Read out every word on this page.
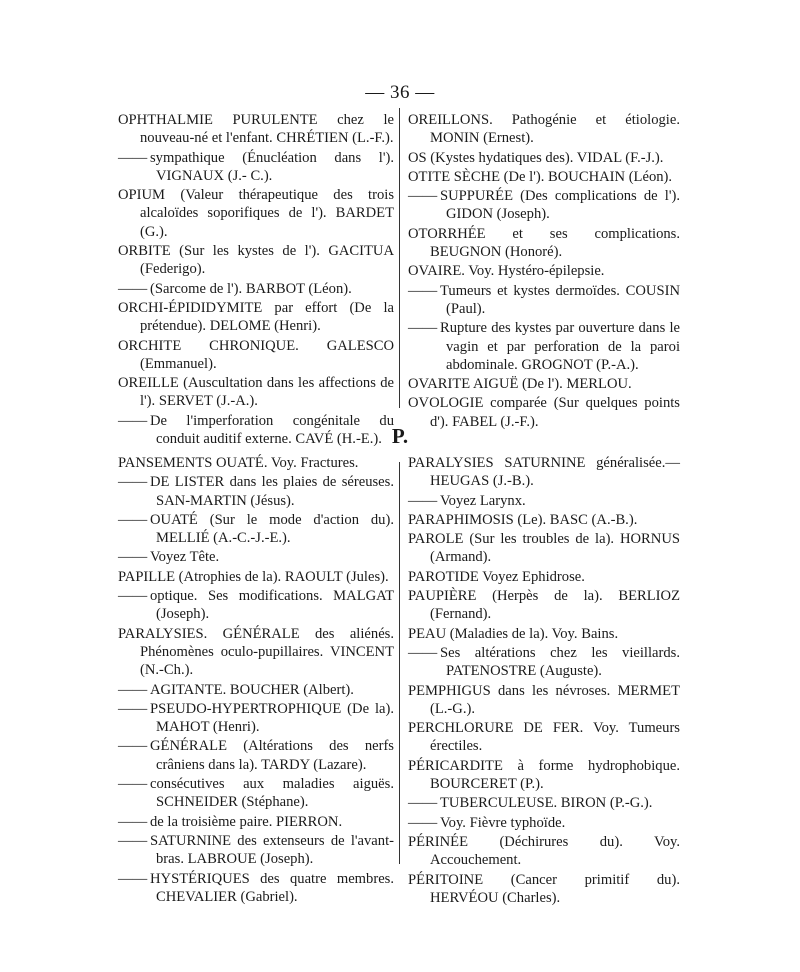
— 36 —

OPHTHALMIE PURULENTE chez le nouveau-né et l'enfant. CHRÉTIEN (L.-F.).

—— sympathique (Énucléation dans l'). VIGNAUX (J.- C.).

OPIUM (Valeur thérapeutique des trois alcaloïdes soporifiques de l'). BARDET (G.).

ORBITE (Sur les kystes de l'). GACITUA (Federigo).

—— (Sarcome de l'). BARBOT (Léon).

ORCHI-ÉPIDIDYMITE par effort (De la prétendue). DELOME (Henri).

ORCHITE CHRONIQUE. GALESCO (Emmanuel).

OREILLE (Auscultation dans les affections de l'). SERVET (J.-A.).

—— De l'imperforation congénitale du conduit auditif externe. CAVÉ (H.-E.).

OREILLONS. Pathogénie et étiologie. MONIN (Ernest).

OS (Kystes hydatiques des). VIDAL (F.-J.).

OTITE SÈCHE (De l'). BOUCHAIN (Léon).

—— SUPPURÉE (Des complications de l'). GIDON (Joseph).

OTORRHÉE et ses complications. BEUGNON (Honoré).

OVAIRE. Voy. Hystéro-épilepsie.

—— Tumeurs et kystes dermoïdes. COUSIN (Paul).

—— Rupture des kystes par ouverture dans le vagin et par perforation de la paroi abdominale. GROGNOT (P.-A.).

OVARITE AIGUË (De l'). MERLOU.

OVOLOGIE comparée (Sur quelques points d'). FABEL (J.-F.).

P.

PANSEMENTS OUATÉ. Voy. Fractures.

—— DE LISTER dans les plaies de séreuses. SAN-MARTIN (Jésus).

—— OUATÉ (Sur le mode d'action du). MELLIÉ (A.-C.-J.-E.).

—— Voyez Tête.

PAPILLE (Atrophies de la). RAOULT (Jules).

—— optique. Ses modifications. MALGAT (Joseph).

PARALYSIES. GÉNÉRALE des aliénés. Phénomènes oculo-pupillaires. VINCENT (N.-Ch.).

—— AGITANTE. BOUCHER (Albert).

—— PSEUDO-HYPERTROPHIQUE (De la). MAHOT (Henri).

—— GÉNÉRALE (Altérations des nerfs crâniens dans la). TARDY (Lazare).

—— consécutives aux maladies aiguës. SCHNEIDER (Stéphane).

—— de la troisième paire. PIERRON.

—— SATURNINE des extenseurs de l'avant-bras. LABROUE (Joseph).

—— HYSTÉRIQUES des quatre membres. CHEVALIER (Gabriel).

PARALYSIES SATURNINE généralisée.— HEUGAS (J.-B.).

—— Voyez Larynx.

PARAPHIMOSIS (Le). BASC (A.-B.).

PAROLE (Sur les troubles de la). HORNUS (Armand).

PAROTIDE Voyez Ephidrose.

PAUPIÈRE (Herpès de la). BERLIOZ (Fernand).

PEAU (Maladies de la). Voy. Bains.

—— Ses altérations chez les vieillards. PATENOSTRE (Auguste).

PEMPHIGUS dans les névroses. MERMET (L.-G.).

PERCHLORURE DE FER. Voy. Tumeurs érectiles.

PÉRICARDITE à forme hydrophobique. BOURCERET (P.).

—— TUBERCULEUSE. BIRON (P.-G.).

—— Voy. Fièvre typhoïde.

PÉRINÉE (Déchirures du). Voy. Accouchement.

PÉRITOINE (Cancer primitif du). HERVÉOU (Charles).
